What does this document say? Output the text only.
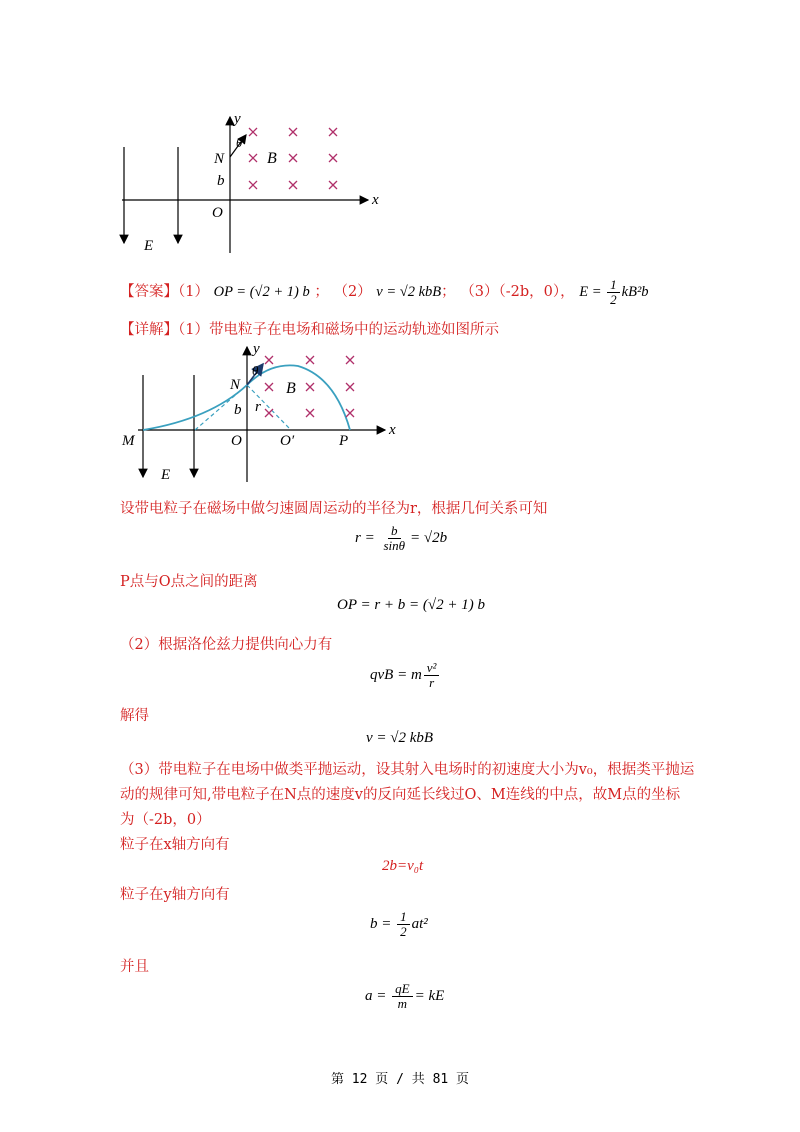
y
x
θ
N	B
b
O
E
【答案】（1） OP = (√2 + 1) b ； （2） v = √2 kbB； （3）（-2b，0）， $E = \frac{1}{2} kB^2b$
【详解】（1）带电粒子在电场和磁场中的运动轨迹如图所示
y
x
θ
N	B
b r
M	O	O′	P
E
设带电粒子在磁场中做匀速圆周运动的半径为r，根据几何关系可知
$r = \frac{b}{\sin\theta} = √2b$
P点与O点之间的距离
OP = r + b = (√2 + 1) b
（2）根据洛伦兹力提供向心力有
qvB = m $\frac{\text{v²}}{r}$
解得
v = √2 kbB
（3）带电粒子在电场中做类平抛运动，设其射入电场时的初速度大小为v₀，根据类平抛运
动的规律可知,带电粒子在N点的速度v的反向延长线过O、M连线的中点，故M点的坐标
为（-2b，0）
粒子在x轴方向有
2b=v₀t
粒子在y轴方向有
$b = \frac{1}{2} at^2$
并且
$a = \frac{qE}{m}$ = kE
第 12 页 / 共 81 页
